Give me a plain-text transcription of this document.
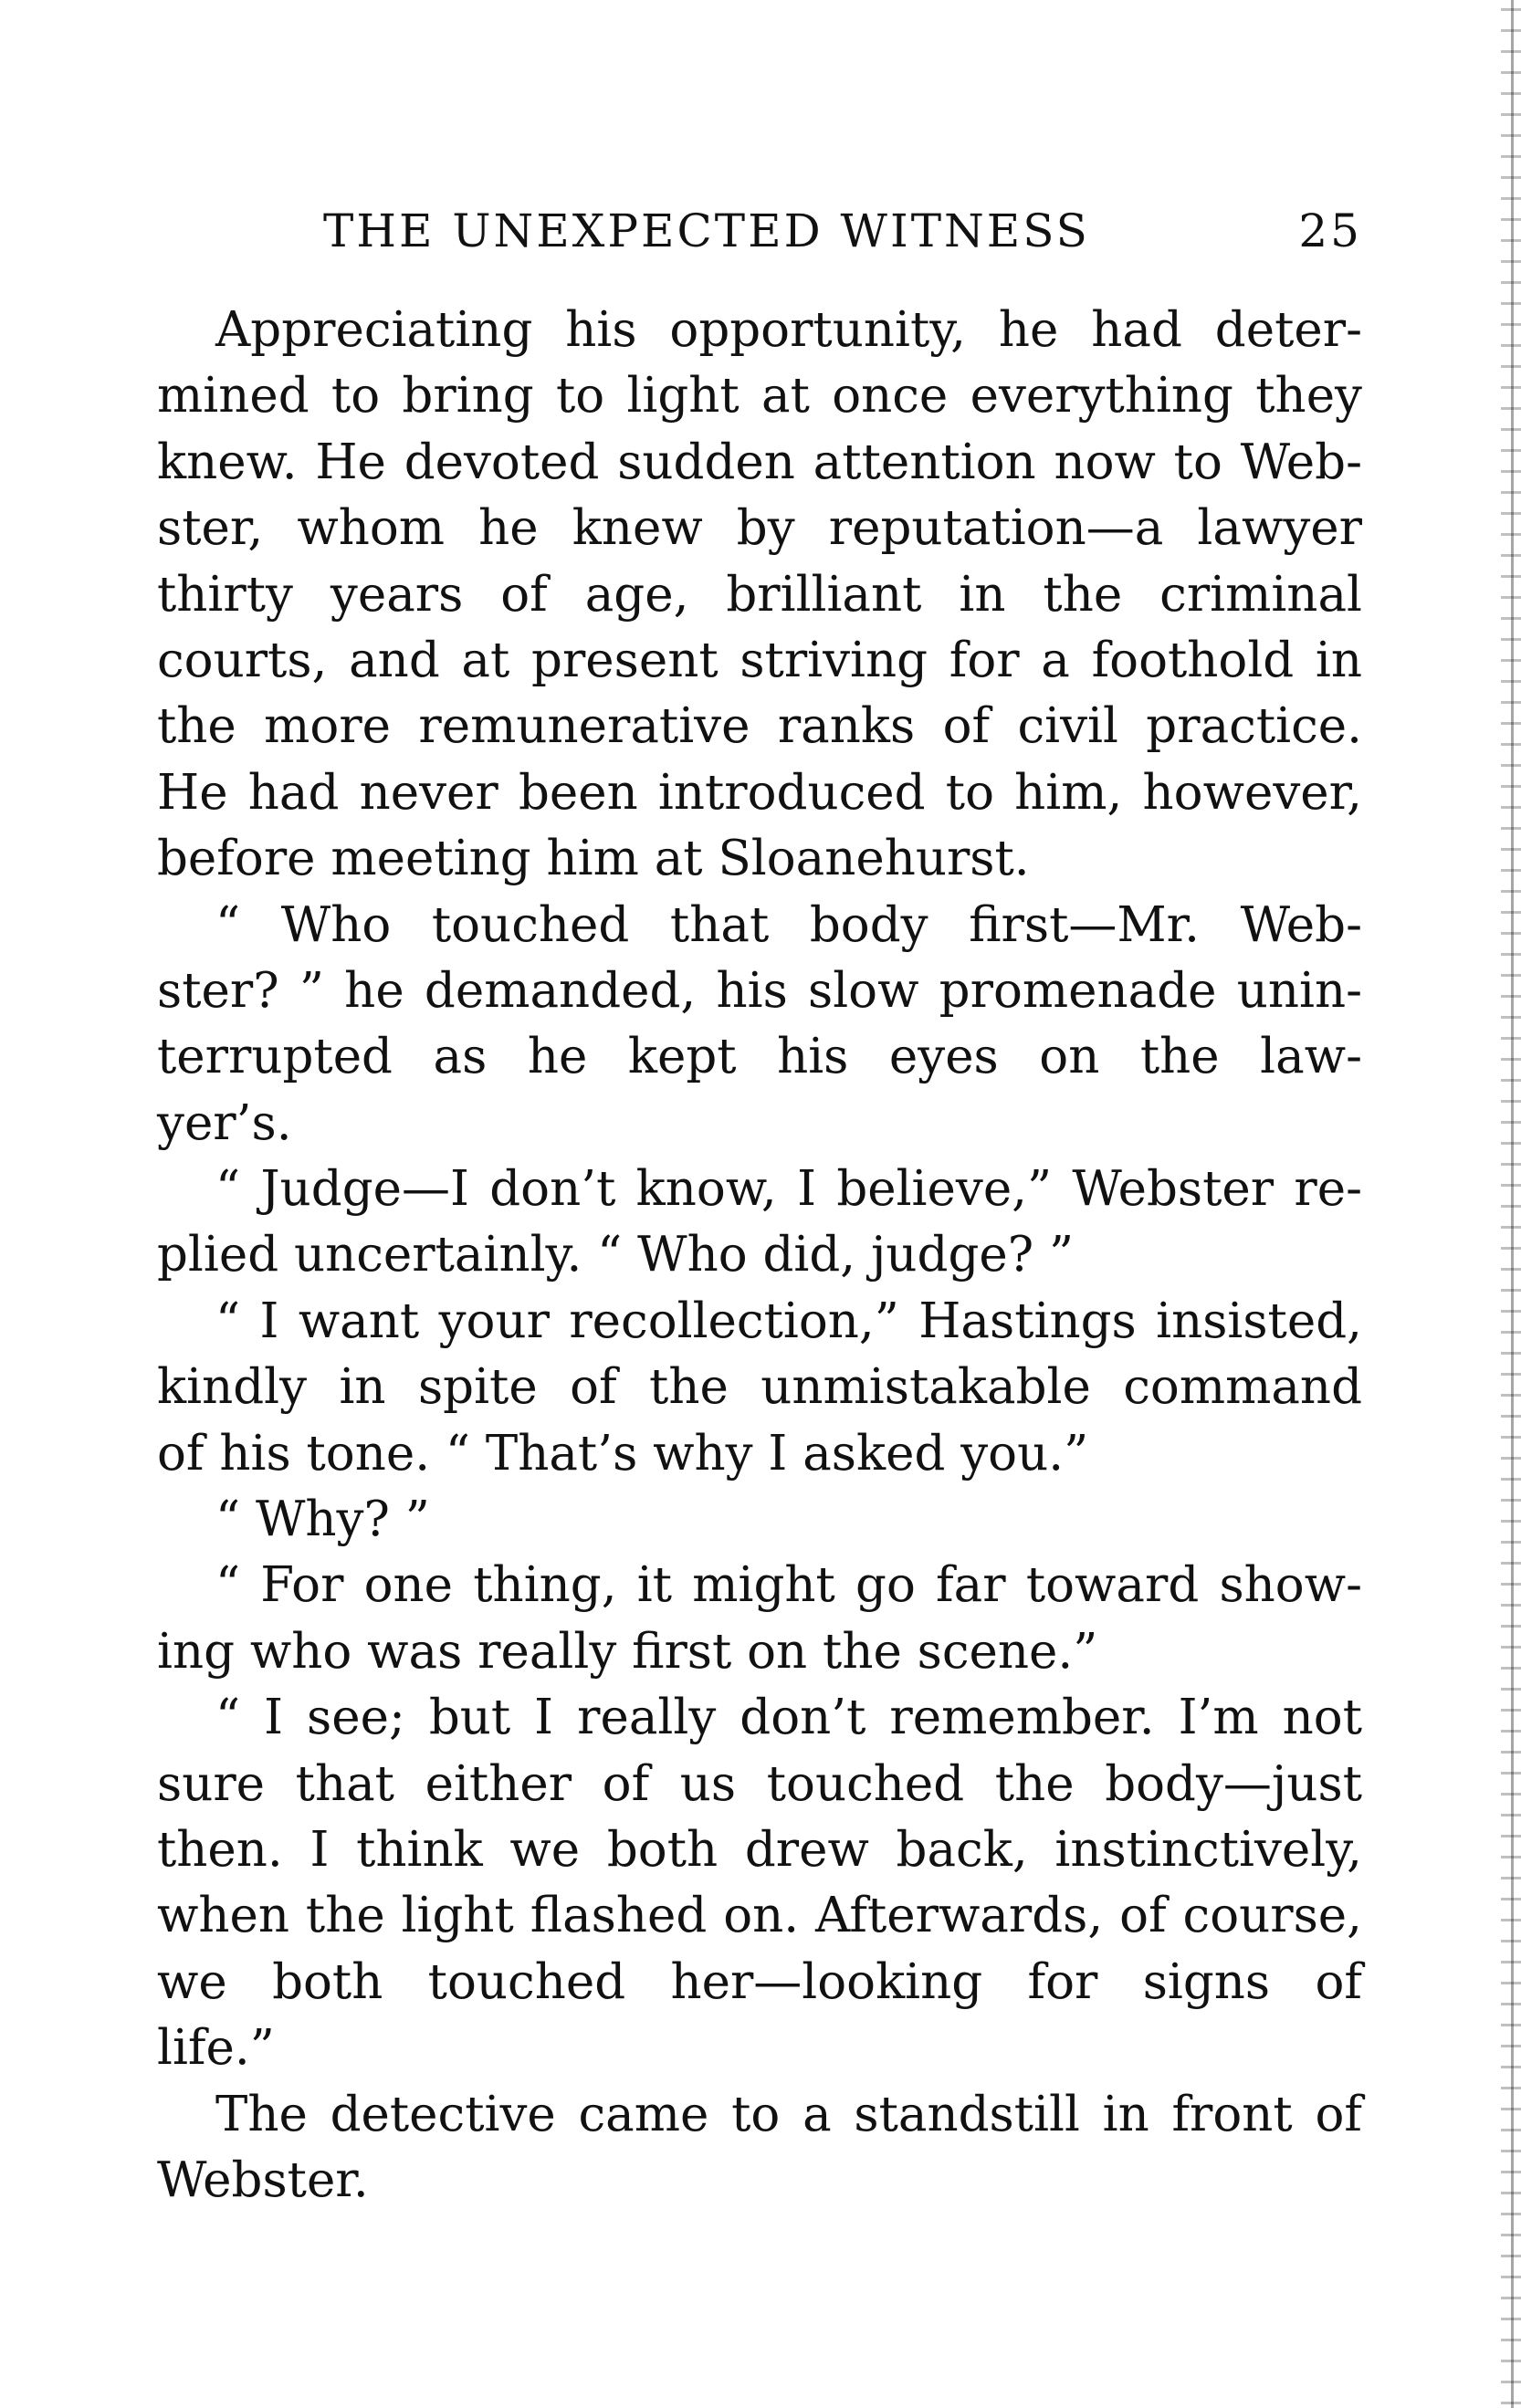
THE UNEXPECTED WITNESS	25
Appreciating his opportunity, he had deter-
mined to bring to light at once everything they
knew. He devoted sudden attention now to Web-
ster, whom he knew by reputation—a lawyer
thirty years of age, brilliant in the criminal
courts, and at present striving for a foothold in
the more remunerative ranks of civil practice.
He had never been introduced to him, however,
before meeting him at Sloanehurst.
“ Who touched that body first—Mr. Web-
ster? ” he demanded, his slow promenade unin-
terrupted as he kept his eyes on the law-
yer’s.
“ Judge—I don’t know, I believe,” Webster re-
plied uncertainly. “ Who did, judge? ”
“ I want your recollection,” Hastings insisted,
kindly in spite of the unmistakable command
of his tone. “ That’s why I asked you.”
“ Why? ”
“ For one thing, it might go far toward show-
ing who was really first on the scene.”
“ I see; but I really don’t remember. I’m not
sure that either of us touched the body—just
then. I think we both drew back, instinctively,
when the light flashed on. Afterwards, of course,
we both touched her—looking for signs of
life.”
The detective came to a standstill in front of
Webster.
